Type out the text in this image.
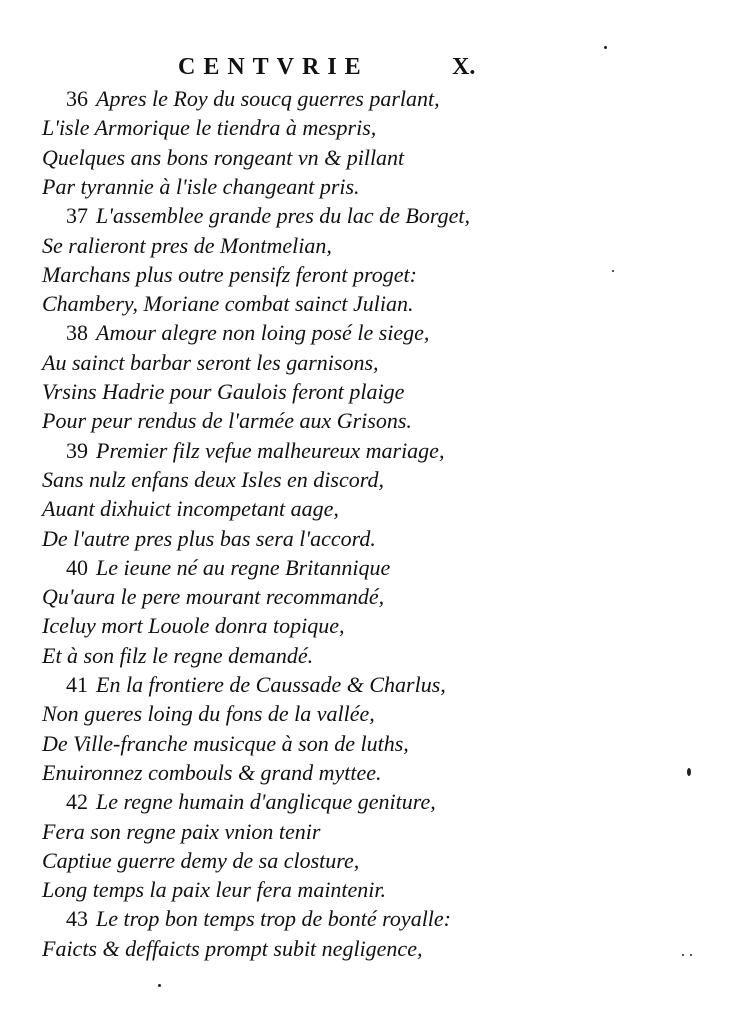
CENTVRIE	X.
36 Apres le Roy du soucq guerres parlant,
L'isle Armorique le tiendra à mespris,
Quelques ans bons rongeant vn & pillant
Par tyrannie à l'isle changeant pris.
37 L'assemblee grande pres du lac de Borget,
Se ralieront pres de Montmelian,
Marchans plus outre pensifz feront proget:
Chambery, Moriane combat sainct Julian.
38 Amour alegre non loing posé le siege,
Au sainct barbar seront les garnisons,
Vrsins Hadrie pour Gaulois feront plaige
Pour peur rendus de l'armée aux Grisons.
39 Premier filz vefue malheureux mariage,
Sans nulz enfans deux Isles en discord,
Auant dixhuict incompetant aage,
De l'autre pres plus bas sera l'accord.
40 Le ieune né au regne Britannique
Qu'aura le pere mourant recommandé,
Iceluy mort Louole donra topique,
Et à son filz le regne demandé.
41 En la frontiere de Caussade & Charlus,
Non gueres loing du fons de la vallée,
De Ville-franche musicque à son de luths,
Enuironnez combouls & grand myttee.
42 Le regne humain d'anglicque geniture,
Fera son regne paix vnion tenir
Captiue guerre demy de sa closture,
Long temps la paix leur fera maintenir.
43 Le trop bon temps trop de bonté royalle:
Faicts & deffaicts prompt subit negligence,
